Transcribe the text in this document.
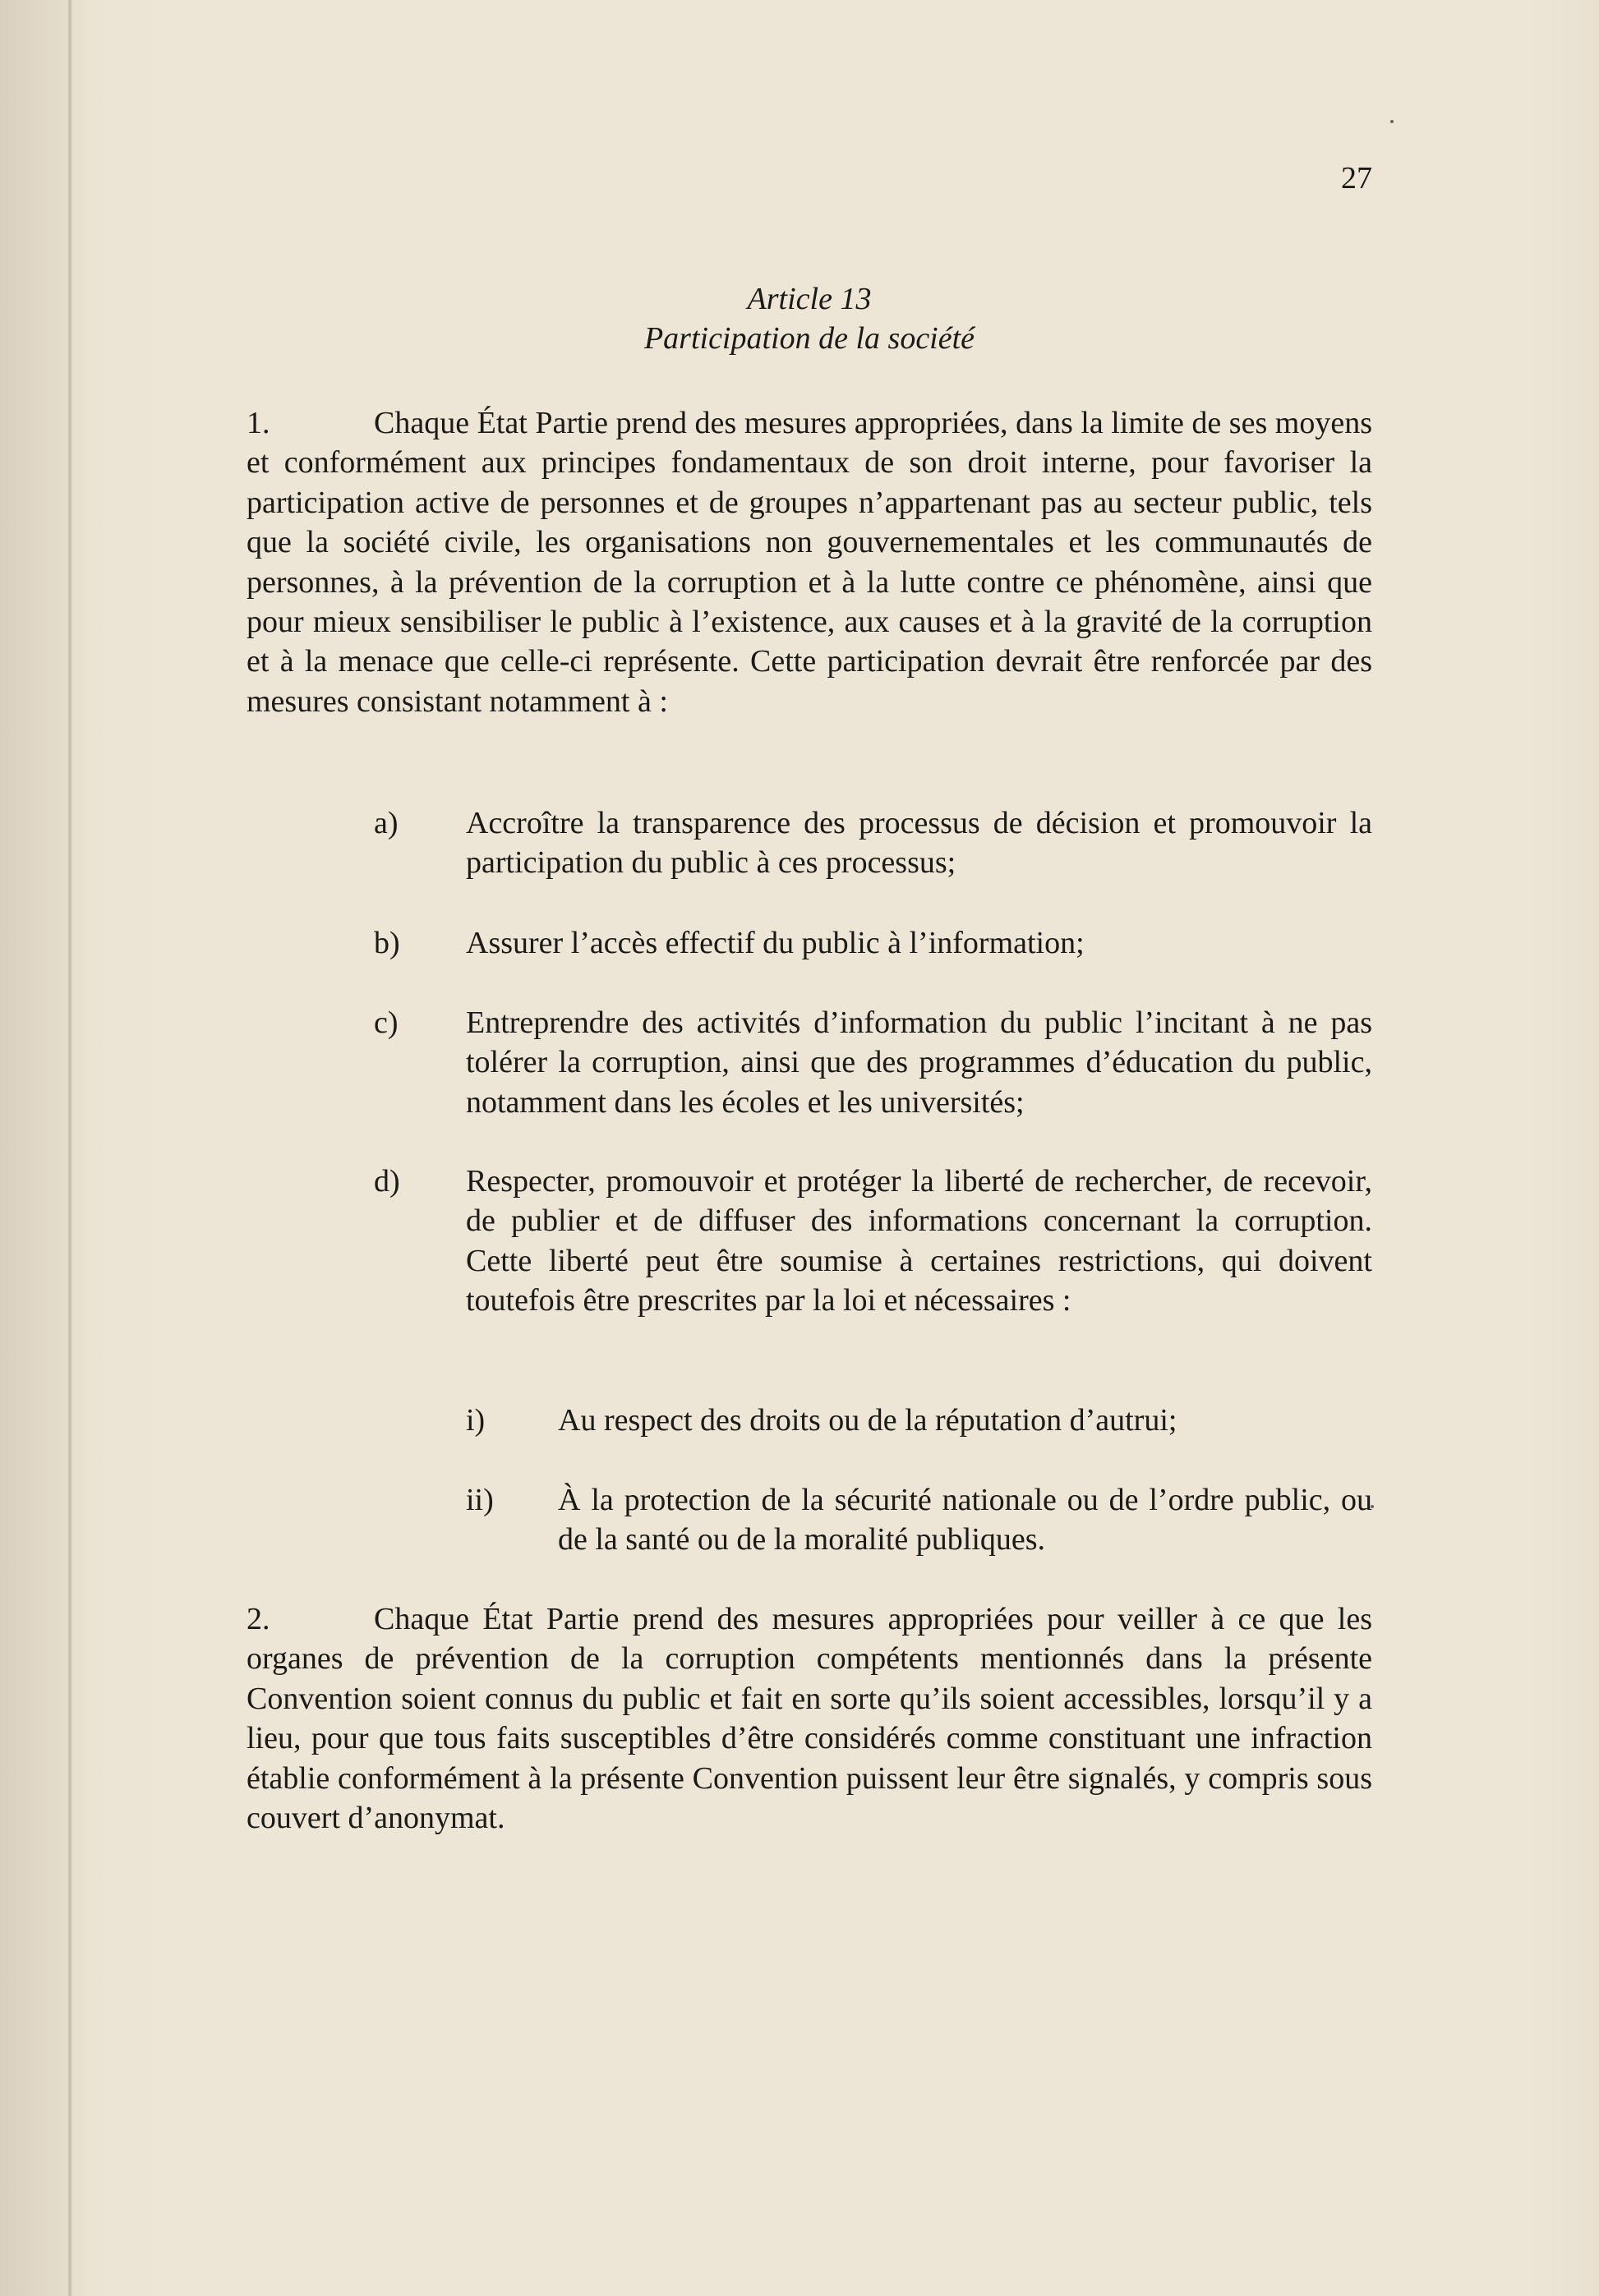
27
Article 13
Participation de la société
1.	Chaque État Partie prend des mesures appropriées, dans la limite de ses moyens et conformément aux principes fondamentaux de son droit interne, pour favoriser la participation active de personnes et de groupes n’appartenant pas au secteur public, tels que la société civile, les organisations non gouvernementales et les communautés de personnes, à la prévention de la corruption et à la lutte contre ce phénomène, ainsi que pour mieux sensibiliser le public à l’existence, aux causes et à la gravité de la corruption et à la menace que celle-ci représente. Cette participation devrait être renforcée par des mesures consistant notamment à :
a)	Accroître la transparence des processus de décision et promouvoir la participation du public à ces processus;
b)	Assurer l’accès effectif du public à l’information;
c)	Entreprendre des activités d’information du public l’incitant à ne pas tolérer la corruption, ainsi que des programmes d’éducation du public, notamment dans les écoles et les universités;
d)	Respecter, promouvoir et protéger la liberté de rechercher, de recevoir, de publier et de diffuser des informations concernant la corruption. Cette liberté peut être soumise à certaines restrictions, qui doivent toutefois être prescrites par la loi et nécessaires :
i)	Au respect des droits ou de la réputation d’autrui;
ii)	À la protection de la sécurité nationale ou de l’ordre public, ou de la santé ou de la moralité publiques.
2.	Chaque État Partie prend des mesures appropriées pour veiller à ce que les organes de prévention de la corruption compétents mentionnés dans la présente Convention soient connus du public et fait en sorte qu’ils soient accessibles, lorsqu’il y a lieu, pour que tous faits susceptibles d’être considérés comme constituant une infraction établie conformément à la présente Convention puissent leur être signalés, y compris sous couvert d’anonymat.
